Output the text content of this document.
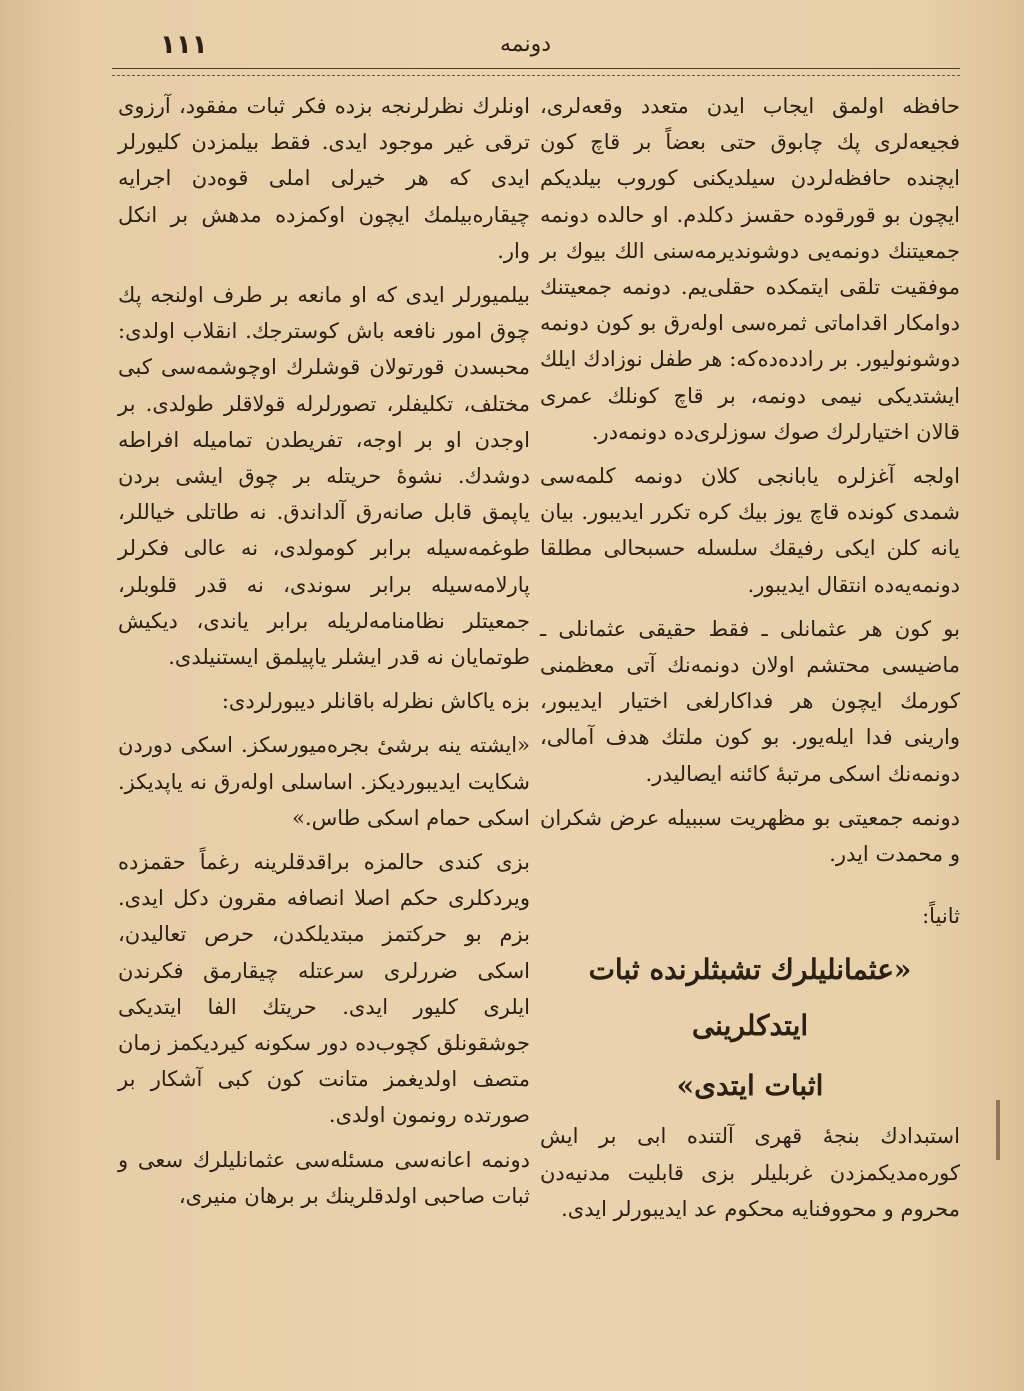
١١١	دونمه

حافظه اولمق ایجاب ایدن متعدد وقعه‌لری، فجیعه‌لری پك چابوق حتی بعضاً بر قاچ کون ایچنده حافظه‌لردن سیلدیکنی کوروب بیلدیکم ایچون بو قورقوده حقسز دکلدم. او حالده دونمه جمعیتنك دونمه‌یی دوشوندیرمه‌سنی الك بیوك بر موفقیت تلقی ایتمکده حقلی‌یم. دونمه جمعیتنك دوامکار اقداماتی ثمره‌سی اوله‌رق بو کون دونمه دوشونولیور. بر رادده‌ده‌که: هر طفل نوزادك ایلك ایشتدیکی نیمی دونمه، بر قاچ کونلك عمری قالان اختیارلرك صوك سوزلری‌ده دونمه‌در.

اولجه آغزلره یابانجی کلان دونمه کلمه‌سی شمدی کونده قاچ یوز بیك کره تکرر ایدیبور. بیان یانه کلن ایکی رفیقك سلسله حسبحالی مطلقا دونمه‌یه‌ده انتقال ایدیبور.

بو کون هر عثمانلی ـ فقط حقیقی عثمانلی ـ ماضیسی محتشم اولان دونمه‌نك آتی معظمنی کورمك ایچون هر فداکارلغی اختیار ایدیبور، وارینی فدا ایله‌یور. بو کون ملتك هدف آمالی، دونمه‌نك اسکی مرتبهٔ کائنه ایصالیدر.

دونمه جمعیتی بو مظهریت سببیله عرض شکران و محمدت ایدر.

ثانیاً:

«عثمانلیلرك تشبثلرنده ثبات ایتدکلرینی
اثبات ایتدی»

استبدادك بنجهٔ قهری آلتنده ابی بر ایش کوره‌مدیکمزدن غربلیلر بزی قابلیت مدنیه‌دن محروم و محووفنایه محکوم عد ایدیبورلر ایدی.

اونلرك نظرلرنجه بزده فکر ثبات مفقود، آرزوی ترقی غیر موجود ایدی. فقط بیلمزدن کلیورلر ایدی که هر خیرلی املی قوه‌دن اجرایه چیقاره‌بیلمك ایچون اوکمزده مدهش بر انکل وار.

بیلمیورلر ایدی که او مانعه بر طرف اولنجه پك چوق امور نافعه باش کوسترجك. انقلاب اولدی: محبسدن قورتولان قوشلرك اوچوشمه‌سی کبی مختلف، تکلیفلر، تصورلرله قولاقلر طولدی. بر اوجدن او بر اوجه، تفریطدن تمامیله افراطه دوشدك. نشوهٔ حریتله بر چوق ایشی بردن یاپمق قابل صانه‌رق آلداندق. نه طاتلی خیاللر، طوغمه‌سیله برابر کومولدی، نه عالی فکرلر پارلامه‌سیله برابر سوندی، نه قدر قلوبلر، جمعیتلر نظامنامه‌لریله برابر یاندی، دیکیش طوتمایان نه قدر ایشلر یاپیلمق ایستنیلدی.

بزه یاکاش نظرله باقانلر دیبورلردی:

«ایشته ینه برشیٔ بجره‌میورسکز. اسکی دوردن شکایت ایدیبوردیکز. اساسلی اوله‌رق نه یاپدیکز. اسکی حمام اسکی طاس.»

بزی کندی حالمزه براقدقلرینه رغماً حقمزده ویردکلری حکم اصلا انصافه مقرون دکل ایدی. بزم بو حرکتمز مبتدیلکدن، حرص تعالیدن، اسکی ضررلری سرعتله چیقارمق فکرندن ایلری کلیور ایدی. حریتك الفا ایتدیکی جوشقونلق کچوب‌ده دور سکونه کیردیکمز زمان متصف اولدیغمز متانت کون کبی آشکار بر صورتده رونمون اولدی.

دونمه اعانه‌سی مسئله‌سی عثمانلیلرك سعی و ثبات صاحبی اولدقلرینك بر برهان منیری،
